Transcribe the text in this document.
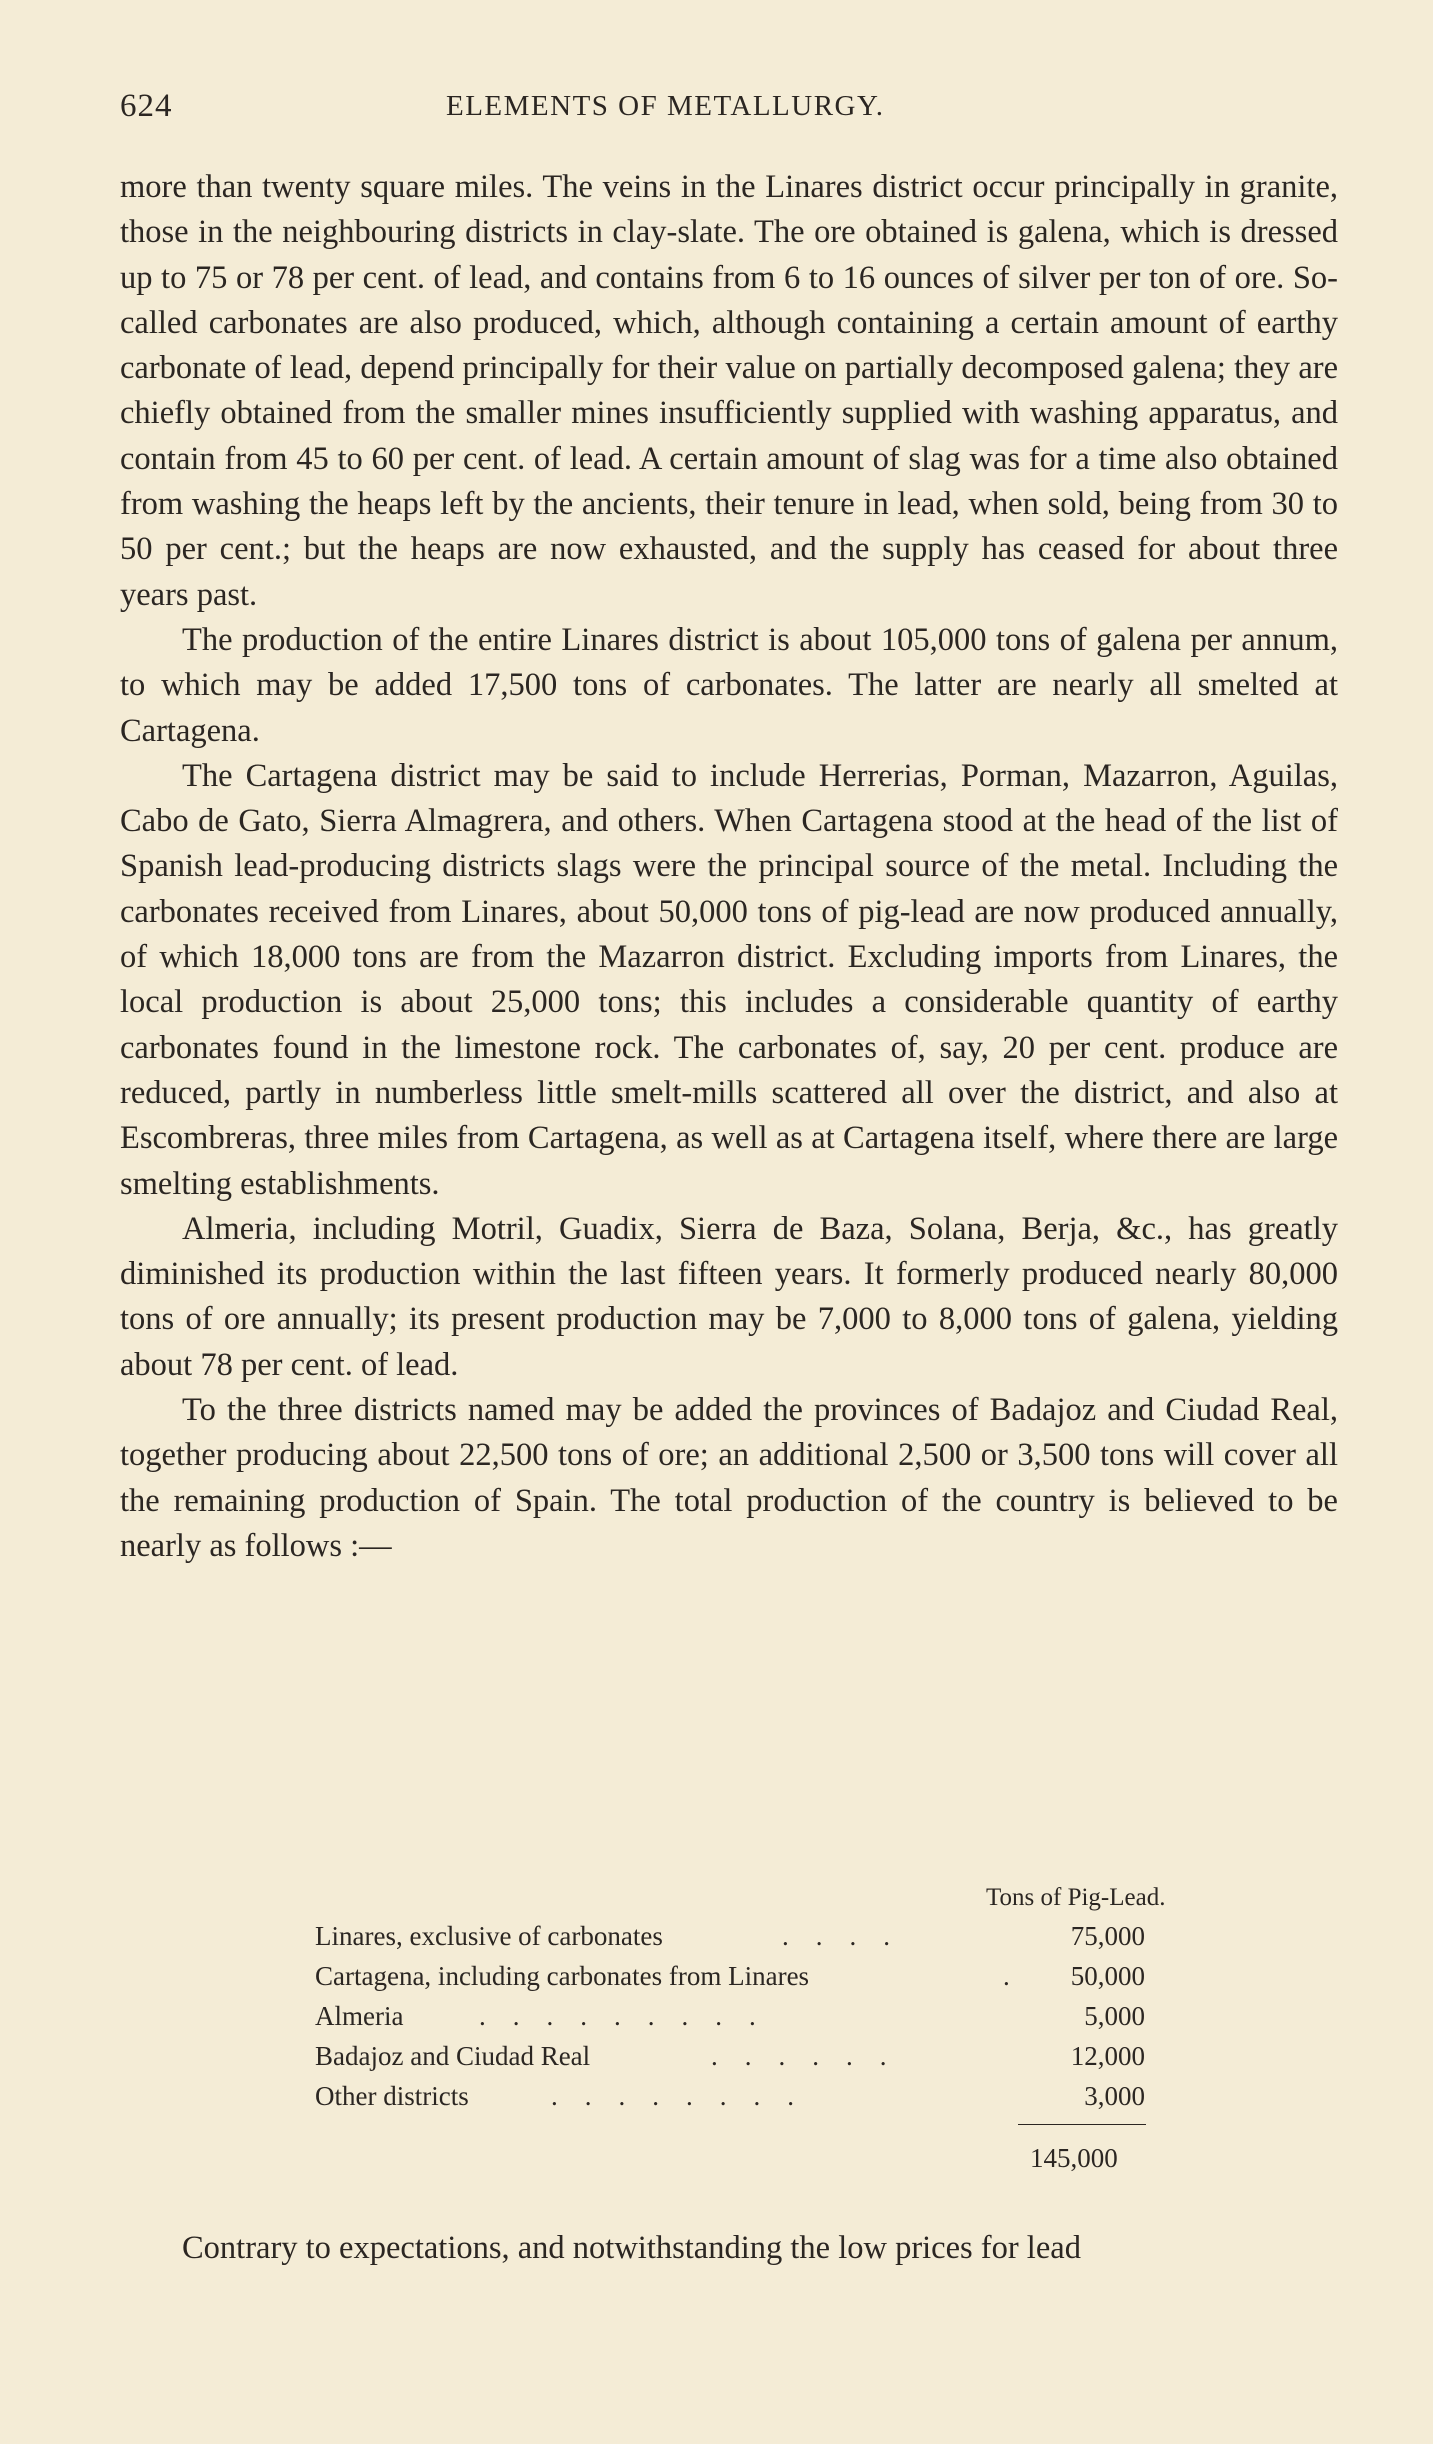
624	ELEMENTS OF METALLURGY.

more than twenty square miles. The veins in the Linares district occur principally in granite, those in the neighbouring districts in clay-slate. The ore obtained is galena, which is dressed up to 75 or 78 per cent. of lead, and contains from 6 to 16 ounces of silver per ton of ore. So-called carbonates are also produced, which, although containing a certain amount of earthy carbonate of lead, depend principally for their value on partially decomposed galena; they are chiefly obtained from the smaller mines insufficiently supplied with washing apparatus, and contain from 45 to 60 per cent. of lead. A certain amount of slag was for a time also obtained from washing the heaps left by the ancients, their tenure in lead, when sold, being from 30 to 50 per cent.; but the heaps are now exhausted, and the supply has ceased for about three years past.

The production of the entire Linares district is about 105,000 tons of galena per annum, to which may be added 17,500 tons of carbonates. The latter are nearly all smelted at Cartagena.

The Cartagena district may be said to include Herrerias, Porman, Mazarron, Aguilas, Cabo de Gato, Sierra Almagrera, and others. When Cartagena stood at the head of the list of Spanish lead-producing districts slags were the principal source of the metal. Including the carbonates received from Linares, about 50,000 tons of pig-lead are now produced annually, of which 18,000 tons are from the Mazarron district. Excluding imports from Linares, the local production is about 25,000 tons; this includes a considerable quantity of earthy carbonates found in the limestone rock. The carbonates of, say, 20 per cent. produce are reduced, partly in numberless little smelt-mills scattered all over the district, and also at Escombreras, three miles from Cartagena, as well as at Cartagena itself, where there are large smelting establishments.

Almeria, including Motril, Guadix, Sierra de Baza, Solana, Berja, &c., has greatly diminished its production within the last fifteen years. It formerly produced nearly 80,000 tons of ore annually; its present production may be 7,000 to 8,000 tons of galena, yielding about 78 per cent. of lead.

To the three districts named may be added the provinces of Badajoz and Ciudad Real, together producing about 22,500 tons of ore; an additional 2,500 or 3,500 tons will cover all the remaining production of Spain. The total production of the country is believed to be nearly as follows :—

Tons of Pig-Lead.
Linares, exclusive of carbonates	.    .    .    .	75,000
Cartagena, including carbonates from Linares	. 50,000
Almeria	.    .    .    .    .    .    .    .    .	5,000
Badajoz and Ciudad Real	.    .    .    .    .    .	12,000
Other districts	.    .    .    .    .    .    .    .	3,000
145,000
Contrary to expectations, and notwithstanding the low prices for lead
